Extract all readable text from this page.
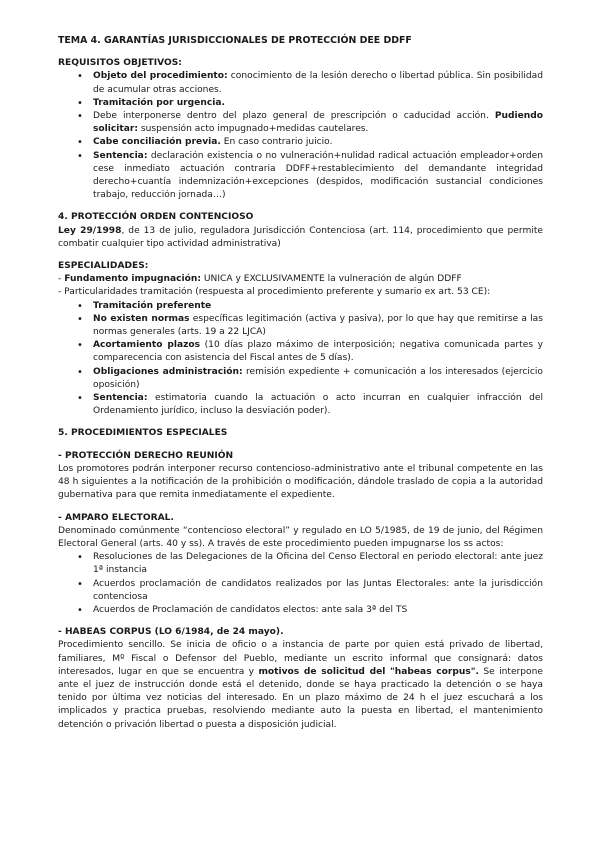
TEMA 4. GARANTÍAS JURISDICCIONALES DE PROTECCIÓN DEE DDFF

REQUISITOS OBJETIVOS:

• Objeto del procedimiento: conocimiento de la lesión derecho o libertad pública. Sin posibilidad de acumular otras acciones.
• Tramitación por urgencia.
• Debe interponerse dentro del plazo general de prescripción o caducidad acción. Pudiendo solicitar: suspensión acto impugnado+medidas cautelares.
• Cabe conciliación previa. En caso contrario juicio.
• Sentencia: declaración existencia o no vulneración+nulidad radical actuación empleador+orden cese inmediato actuación contraria DDFF+restablecimiento del demandante integridad derecho+cuantía indemnización+excepciones (despidos, modificación sustancial condiciones trabajo, reducción jornada…)

4. PROTECCIÓN ORDEN CONTENCIOSO

Ley 29/1998, de 13 de julio, reguladora Jurisdicción Contenciosa (art. 114, procedimiento que permite combatir cualquier tipo actividad administrativa)

ESPECIALIDADES:

- Fundamento impugnación: UNICA y EXCLUSIVAMENTE la vulneración de algún DDFF

- Particularidades tramitación (respuesta al procedimiento preferente y sumario ex art. 53 CE):

• Tramitación preferente
• No existen normas específicas legitimación (activa y pasiva), por lo que hay que remitirse a las normas generales (arts. 19 a 22 LJCA)
• Acortamiento plazos (10 días plazo máximo de interposición; negativa comunicada partes y comparecencia con asistencia del Fiscal antes de 5 días).
• Obligaciones administración: remisión expediente + comunicación a los interesados (ejercicio oposición)
• Sentencia: estimatoria cuando la actuación o acto incurran en cualquier infracción del Ordenamiento jurídico, incluso la desviación poder).

5. PROCEDIMIENTOS ESPECIALES

- PROTECCIÓN DERECHO REUNIÓN

Los promotores podrán interponer recurso contencioso-administrativo ante el tribunal competente en las 48 h siguientes a la notificación de la prohibición o modificación, dándole traslado de copia a la autoridad gubernativa para que remita inmediatamente el expediente.

- AMPARO ELECTORAL.

Denominado comúnmente “contencioso electoral” y regulado en LO 5/1985, de 19 de junio, del Régimen Electoral General (arts. 40 y ss). A través de este procedimiento pueden impugnarse los ss actos:

• Resoluciones de las Delegaciones de la Oficina del Censo Electoral en periodo electoral: ante juez 1ª instancia
• Acuerdos proclamación de candidatos realizados por las Juntas Electorales: ante la jurisdicción contenciosa
• Acuerdos de Proclamación de candidatos electos: ante sala 3ª del TS

- HABEAS CORPUS (LO 6/1984, de 24 mayo).

Procedimiento sencillo. Se inicia de oficio o a instancia de parte por quien está privado de libertad, familiares, Mº Fiscal o Defensor del Pueblo, mediante un escrito informal que consignará: datos interesados, lugar en que se encuentra y motivos de solicitud del "habeas corpus". Se interpone ante el juez de instrucción donde está el detenido, donde se haya practicado la detención o se haya tenido por última vez noticias del interesado. En un plazo máximo de 24 h el juez escuchará a los implicados y practica pruebas, resolviendo mediante auto la puesta en libertad, el mantenimiento detención o privación libertad o puesta a disposición judicial.
